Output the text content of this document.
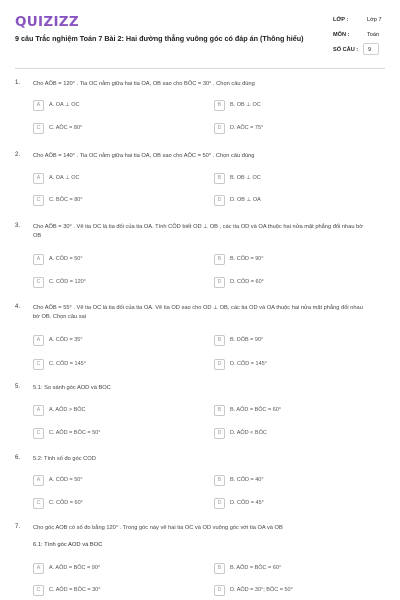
QUIZIZZ
9 câu Trắc nghiệm Toán 7 Bài 2: Hai đường thẳng vuông góc có đáp án (Thông hiểu)
LỚP :	Lớp 7
MÔN :	Toán
SỐ CÂU :	9
1. Cho AÔB = 120° . Tia OC nằm giữa hai tia OA, OB sao cho BÔC = 30° . Chọn câu đúng
A	A. OA ⊥ OC	B	B. OB ⊥ OC
C	C. AÔC = 80°	D	D. AÔC = 75°
2. Cho AÔB = 140° . Tia OC nằm giữa hai tia OA, OB sao cho AÔC = 50° . Chọn câu đúng
A	A. OA ⊥ OC	B	B. OB ⊥ OC
C	C. BÔC = 80°	D	D. OB ⊥ OA
3. Cho AÔB = 30° . Vẽ tia OC là tia đối của tia OA. Tính CÔD biết OD ⊥ OB , các tia OD và OA thuộc hai nửa mặt phẳng đối nhau bờ OB
A	A. CÔD = 50°	B	B. CÔD = 90°
C	C. CÔD = 120°	D	D. CÔD = 60°
4. Cho AÔB = 55° . Vẽ tia OC là tia đối của tia OA. Vẽ tia OD sao cho OD ⊥ OB, các tia OD và OA thuộc hai nửa mặt phẳng đối nhau bờ OB. Chọn câu sai
A	A. CÔD = 35°	B	B. DÔB = 90°
C	C. CÔD = 145°	D	D. CÔD = 145°
5. 5.1: So sánh góc AOD và BOC
A	A. AÔD > BÔC	B	B. AÔD = BÔC = 60°
C	C. AÔD = BÔC = 50°	D	D. AÔD < BÔC
6. 5.2: Tính số đo góc COD
A	A. CÔD = 50°	B	B. CÔD = 40°
C	C. CÔD = 60°	D	D. CÔD = 45°
7. Cho góc AOB có số đo bằng 120° . Trong góc này vẽ hai tia OC và OD vuông góc với tia OA và OB
6.1: Tính góc AOD và BOC
A	A. AÔD = BÔC = 90°	B	B. AÔD = BÔC = 60°
C	C. AÔD = BÔC = 30°	D	D. AÔD = 30°; BÔC = 50°
